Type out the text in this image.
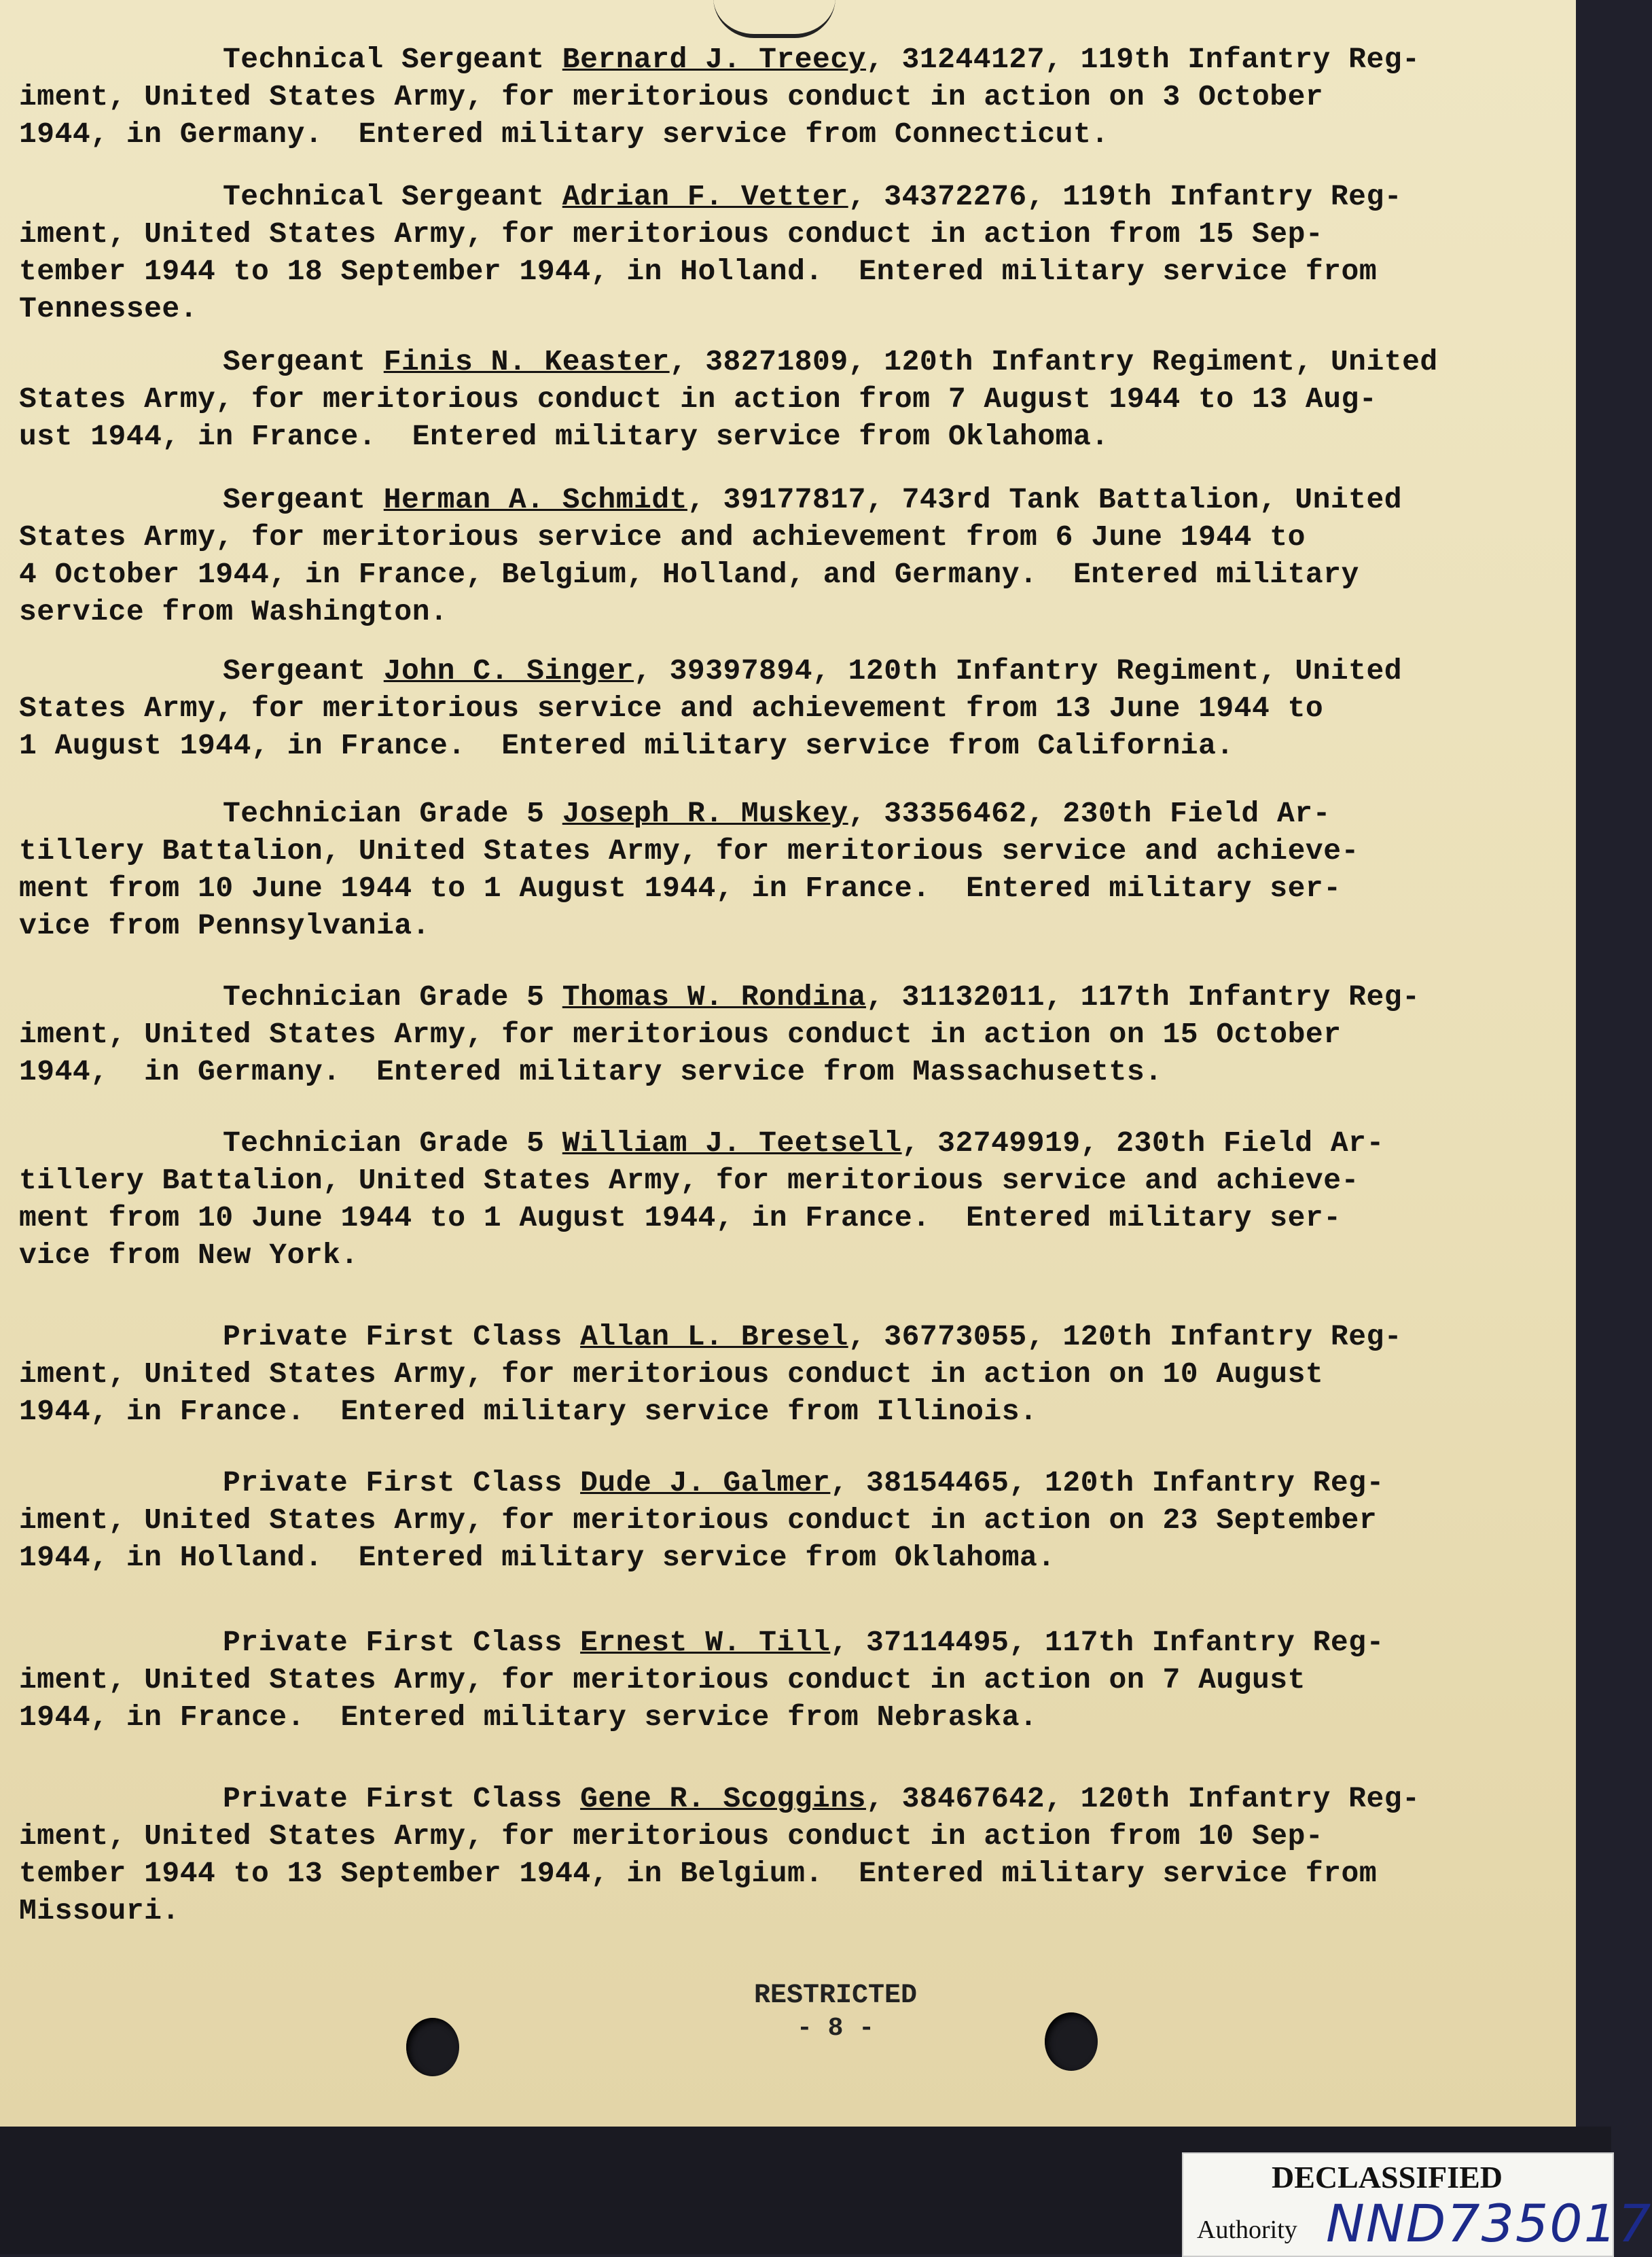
Technical Sergeant Bernard J. Treecy, 31244127, 119th Infantry Reg-
iment, United States Army, for meritorious conduct in action on 3 October
1944, in Germany.  Entered military service from Connecticut.
Technical Sergeant Adrian F. Vetter, 34372276, 119th Infantry Reg-
iment, United States Army, for meritorious conduct in action from 15 Sep-
tember 1944 to 18 September 1944, in Holland.  Entered military service from
Tennessee.
Sergeant Finis N. Keaster, 38271809, 120th Infantry Regiment, United
States Army, for meritorious conduct in action from 7 August 1944 to 13 Aug-
ust 1944, in France.  Entered military service from Oklahoma.
Sergeant Herman A. Schmidt, 39177817, 743rd Tank Battalion, United
States Army, for meritorious service and achievement from 6 June 1944 to
4 October 1944, in France, Belgium, Holland, and Germany.  Entered military
service from Washington.
Sergeant John C. Singer, 39397894, 120th Infantry Regiment, United
States Army, for meritorious service and achievement from 13 June 1944 to
1 August 1944, in France.  Entered military service from California.
Technician Grade 5 Joseph R. Muskey, 33356462, 230th Field Ar-
tillery Battalion, United States Army, for meritorious service and achieve-
ment from 10 June 1944 to 1 August 1944, in France.  Entered military ser-
vice from Pennsylvania.
Technician Grade 5 Thomas W. Rondina, 31132011, 117th Infantry Reg-
iment, United States Army, for meritorious conduct in action on 15 October
1944,  in Germany.  Entered military service from Massachusetts.
Technician Grade 5 William J. Teetsell, 32749919, 230th Field Ar-
tillery Battalion, United States Army, for meritorious service and achieve-
ment from 10 June 1944 to 1 August 1944, in France.  Entered military ser-
vice from New York.
Private First Class Allan L. Bresel, 36773055, 120th Infantry Reg-
iment, United States Army, for meritorious conduct in action on 10 August
1944, in France.  Entered military service from Illinois.
Private First Class Dude J. Galmer, 38154465, 120th Infantry Reg-
iment, United States Army, for meritorious conduct in action on 23 September
1944, in Holland.  Entered military service from Oklahoma.
Private First Class Ernest W. Till, 37114495, 117th Infantry Reg-
iment, United States Army, for meritorious conduct in action on 7 August
1944, in France.  Entered military service from Nebraska.
Private First Class Gene R. Scoggins, 38467642, 120th Infantry Reg-
iment, United States Army, for meritorious conduct in action from 10 Sep-
tember 1944 to 13 September 1944, in Belgium.  Entered military service from
Missouri.
RESTRICTED
- 8 -
DECLASSIFIED
Authority NND735017
